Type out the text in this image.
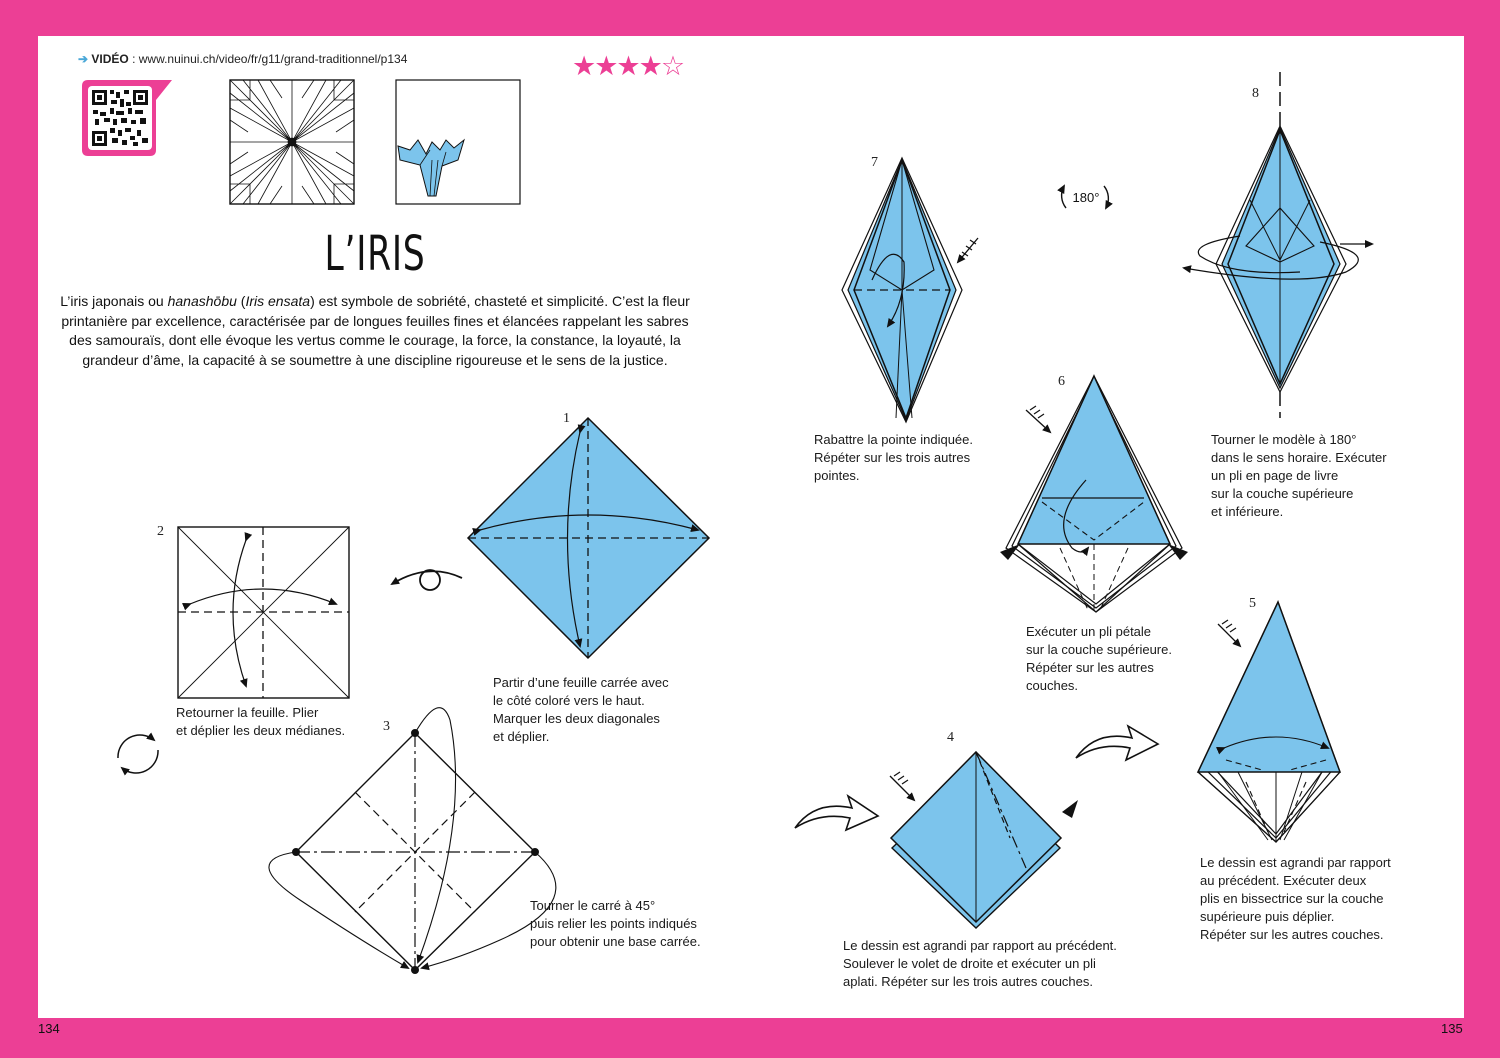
➔ VIDÉO : www.nuinui.ch/video/fr/g11/grand-traditionnel/p134	★★★★☆
L’IRIS
L’iris japonais ou hanashōbu (Iris ensata) est symbole de sobriété, chasteté et simplicité. C’est la fleur printanière par excellence, caractérisée par de longues feuilles fines et élancées rappelant les sabres des samouraïs, dont elle évoque les vertus comme le courage, la force, la constance, la loyauté, la grandeur d’âme, la capacité à se soumettre à une discipline rigoureuse et le sens de la justice.
180°
1
2
3
4
5
6
7
8
Partir d’une feuille carrée avec
le côté coloré vers le haut.
Marquer les deux diagonales
et déplier.
Retourner la feuille. Plier
et déplier les deux médianes.
Tourner le carré à 45°
puis relier les points indiqués
pour obtenir une base carrée.	Le dessin est agrandi par rapport au précédent.
Soulever le volet de droite et exécuter un pli
aplati. Répéter sur les trois autres couches.
Le dessin est agrandi par rapport
au précédent. Exécuter deux
plis en bissectrice sur la couche
supérieure puis déplier.
Répéter sur les autres couches.
Exécuter un pli pétale
sur la couche supérieure.
Répéter sur les autres
couches.
Rabattre la pointe indiquée.
Répéter sur les trois autres
pointes.
Tourner le modèle à 180°
dans le sens horaire. Exécuter
un pli en page de livre
sur la couche supérieure
et inférieure.
134	135
